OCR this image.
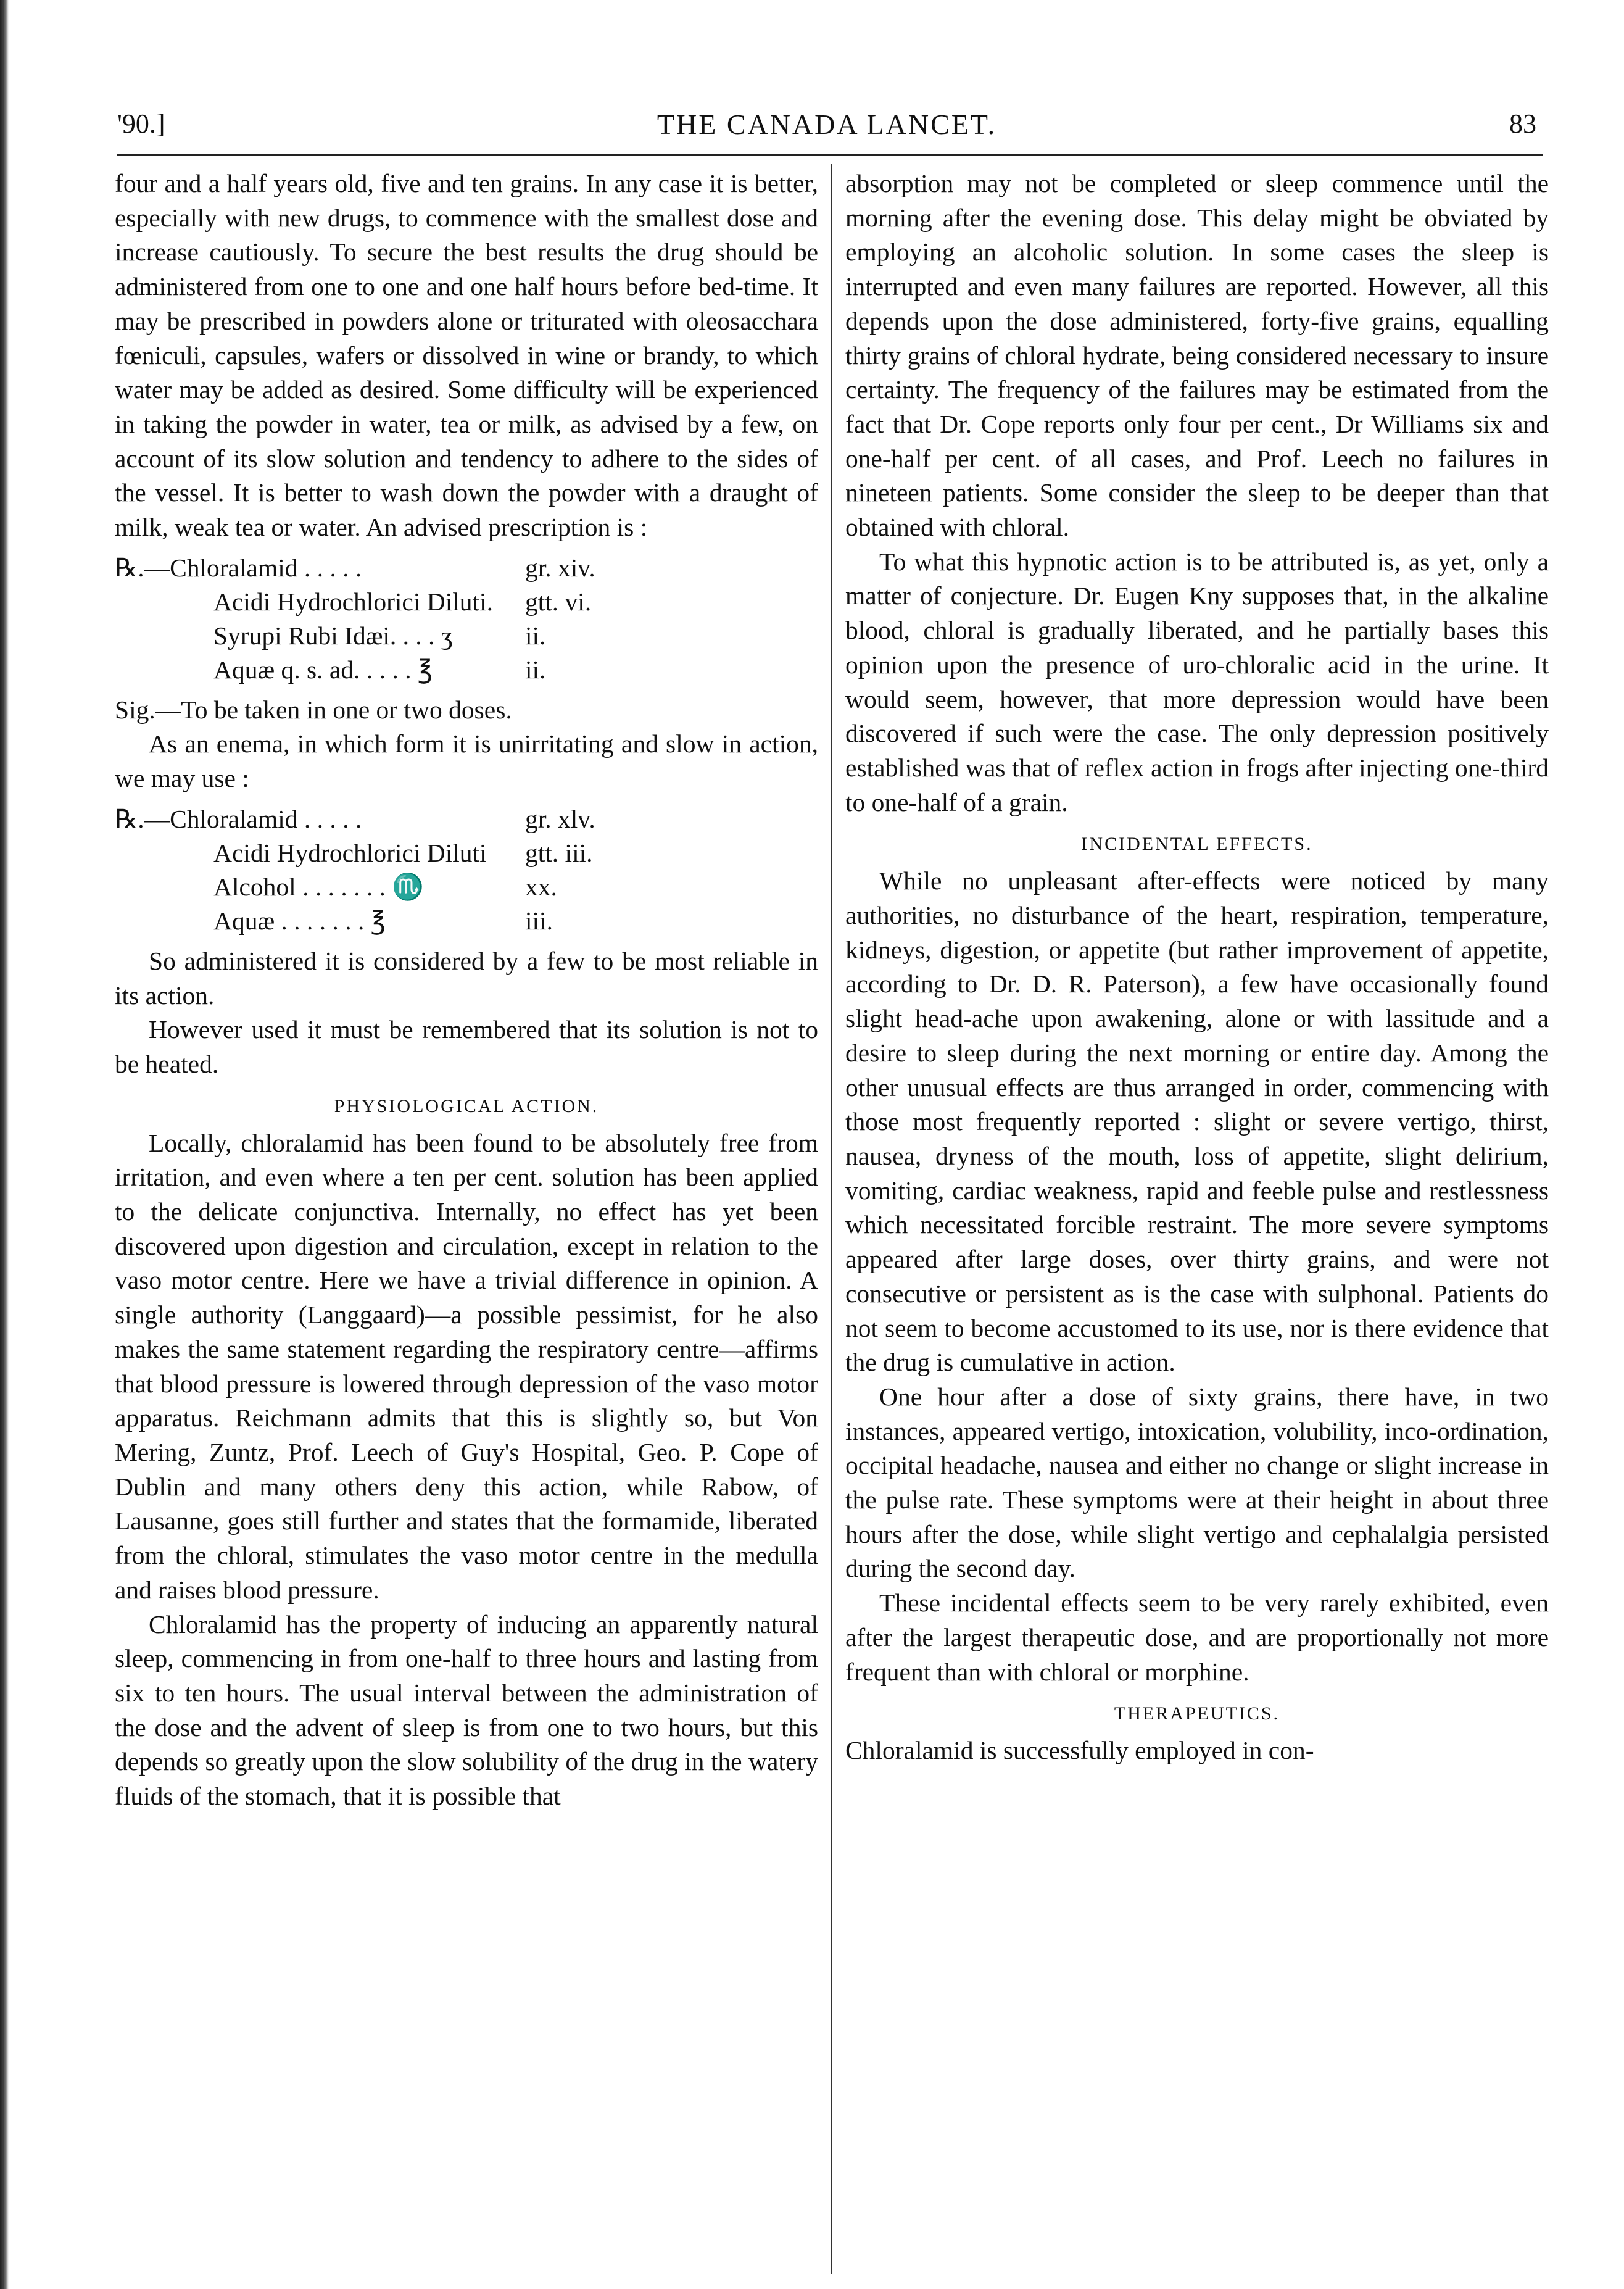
'90.]	THE CANADA LANCET.	83

four and a half years old, five and ten grains. In any case it is better, especially with new drugs, to commence with the smallest dose and increase cautiously. To secure the best results the drug should be administered from one to one and one half hours before bed-time. It may be prescribed in powders alone or triturated with oleosacchara fœniculi, capsules, wafers or dissolved in wine or brandy, to which water may be added as desired. Some difficulty will be experienced in taking the powder in water, tea or milk, as advised by a few, on account of its slow solution and tendency to adhere to the sides of the vessel. It is better to wash down the powder with a draught of milk, weak tea or water. An advised prescription is :

℞.—Chloralamid . . . . .	gr. xiv.
Acidi Hydrochlorici Diluti.	gtt. vi.
Syrupi Rubi Idæi. . . . ʒ	ii.
Aquæ q. s. ad. . . . . ℥	ii.

Sig.—To be taken in one or two doses.

As an enema, in which form it is unirritating and slow in action, we may use :

℞.—Chloralamid . . . . .	gr. xlv.
Acidi Hydrochlorici Diluti	gtt. iii.
Alcohol . . . . . . . ♏	xx.
Aquæ . . . . . . . ℥	iii.

So administered it is considered by a few to be most reliable in its action.

However used it must be remembered that its solution is not to be heated.

PHYSIOLOGICAL ACTION.

Locally, chloralamid has been found to be absolutely free from irritation, and even where a ten per cent. solution has been applied to the delicate conjunctiva. Internally, no effect has yet been discovered upon digestion and circulation, except in relation to the vaso motor centre. Here we have a trivial difference in opinion. A single authority (Langgaard)—a possible pessimist, for he also makes the same statement regarding the respiratory centre—affirms that blood pressure is lowered through depression of the vaso motor apparatus. Reichmann admits that this is slightly so, but Von Mering, Zuntz, Prof. Leech of Guy's Hospital, Geo. P. Cope of Dublin and many others deny this action, while Rabow, of Lausanne, goes still further and states that the formamide, liberated from the chloral, stimulates the vaso motor centre in the medulla and raises blood pressure.

Chloralamid has the property of inducing an apparently natural sleep, commencing in from one-half to three hours and lasting from six to ten hours. The usual interval between the administration of the dose and the advent of sleep is from one to two hours, but this depends so greatly upon the slow solubility of the drug in the watery fluids of the stomach, that it is possible that

absorption may not be completed or sleep commence until the morning after the evening dose. This delay might be obviated by employing an alcoholic solution. In some cases the sleep is interrupted and even many failures are reported. However, all this depends upon the dose administered, forty-five grains, equalling thirty grains of chloral hydrate, being considered necessary to insure certainty. The frequency of the failures may be estimated from the fact that Dr. Cope reports only four per cent., Dr Williams six and one-half per cent. of all cases, and Prof. Leech no failures in nineteen patients. Some consider the sleep to be deeper than that obtained with chloral.

To what this hypnotic action is to be attributed is, as yet, only a matter of conjecture. Dr. Eugen Kny supposes that, in the alkaline blood, chloral is gradually liberated, and he partially bases this opinion upon the presence of uro-chloralic acid in the urine. It would seem, however, that more depression would have been discovered if such were the case. The only depression positively established was that of reflex action in frogs after injecting one-third to one-half of a grain.

INCIDENTAL EFFECTS.

While no unpleasant after-effects were noticed by many authorities, no disturbance of the heart, respiration, temperature, kidneys, digestion, or appetite (but rather improvement of appetite, according to Dr. D. R. Paterson), a few have occasionally found slight head-ache upon awakening, alone or with lassitude and a desire to sleep during the next morning or entire day. Among the other unusual effects are thus arranged in order, commencing with those most frequently reported : slight or severe vertigo, thirst, nausea, dryness of the mouth, loss of appetite, slight delirium, vomiting, cardiac weakness, rapid and feeble pulse and restlessness which necessitated forcible restraint. The more severe symptoms appeared after large doses, over thirty grains, and were not consecutive or persistent as is the case with sulphonal. Patients do not seem to become accustomed to its use, nor is there evidence that the drug is cumulative in action.

One hour after a dose of sixty grains, there have, in two instances, appeared vertigo, intoxication, volubility, inco-ordination, occipital headache, nausea and either no change or slight increase in the pulse rate. These symptoms were at their height in about three hours after the dose, while slight vertigo and cephalalgia persisted during the second day.

These incidental effects seem to be very rarely exhibited, even after the largest therapeutic dose, and are proportionally not more frequent than with chloral or morphine.

THERAPEUTICS.

Chloralamid is successfully employed in con-
